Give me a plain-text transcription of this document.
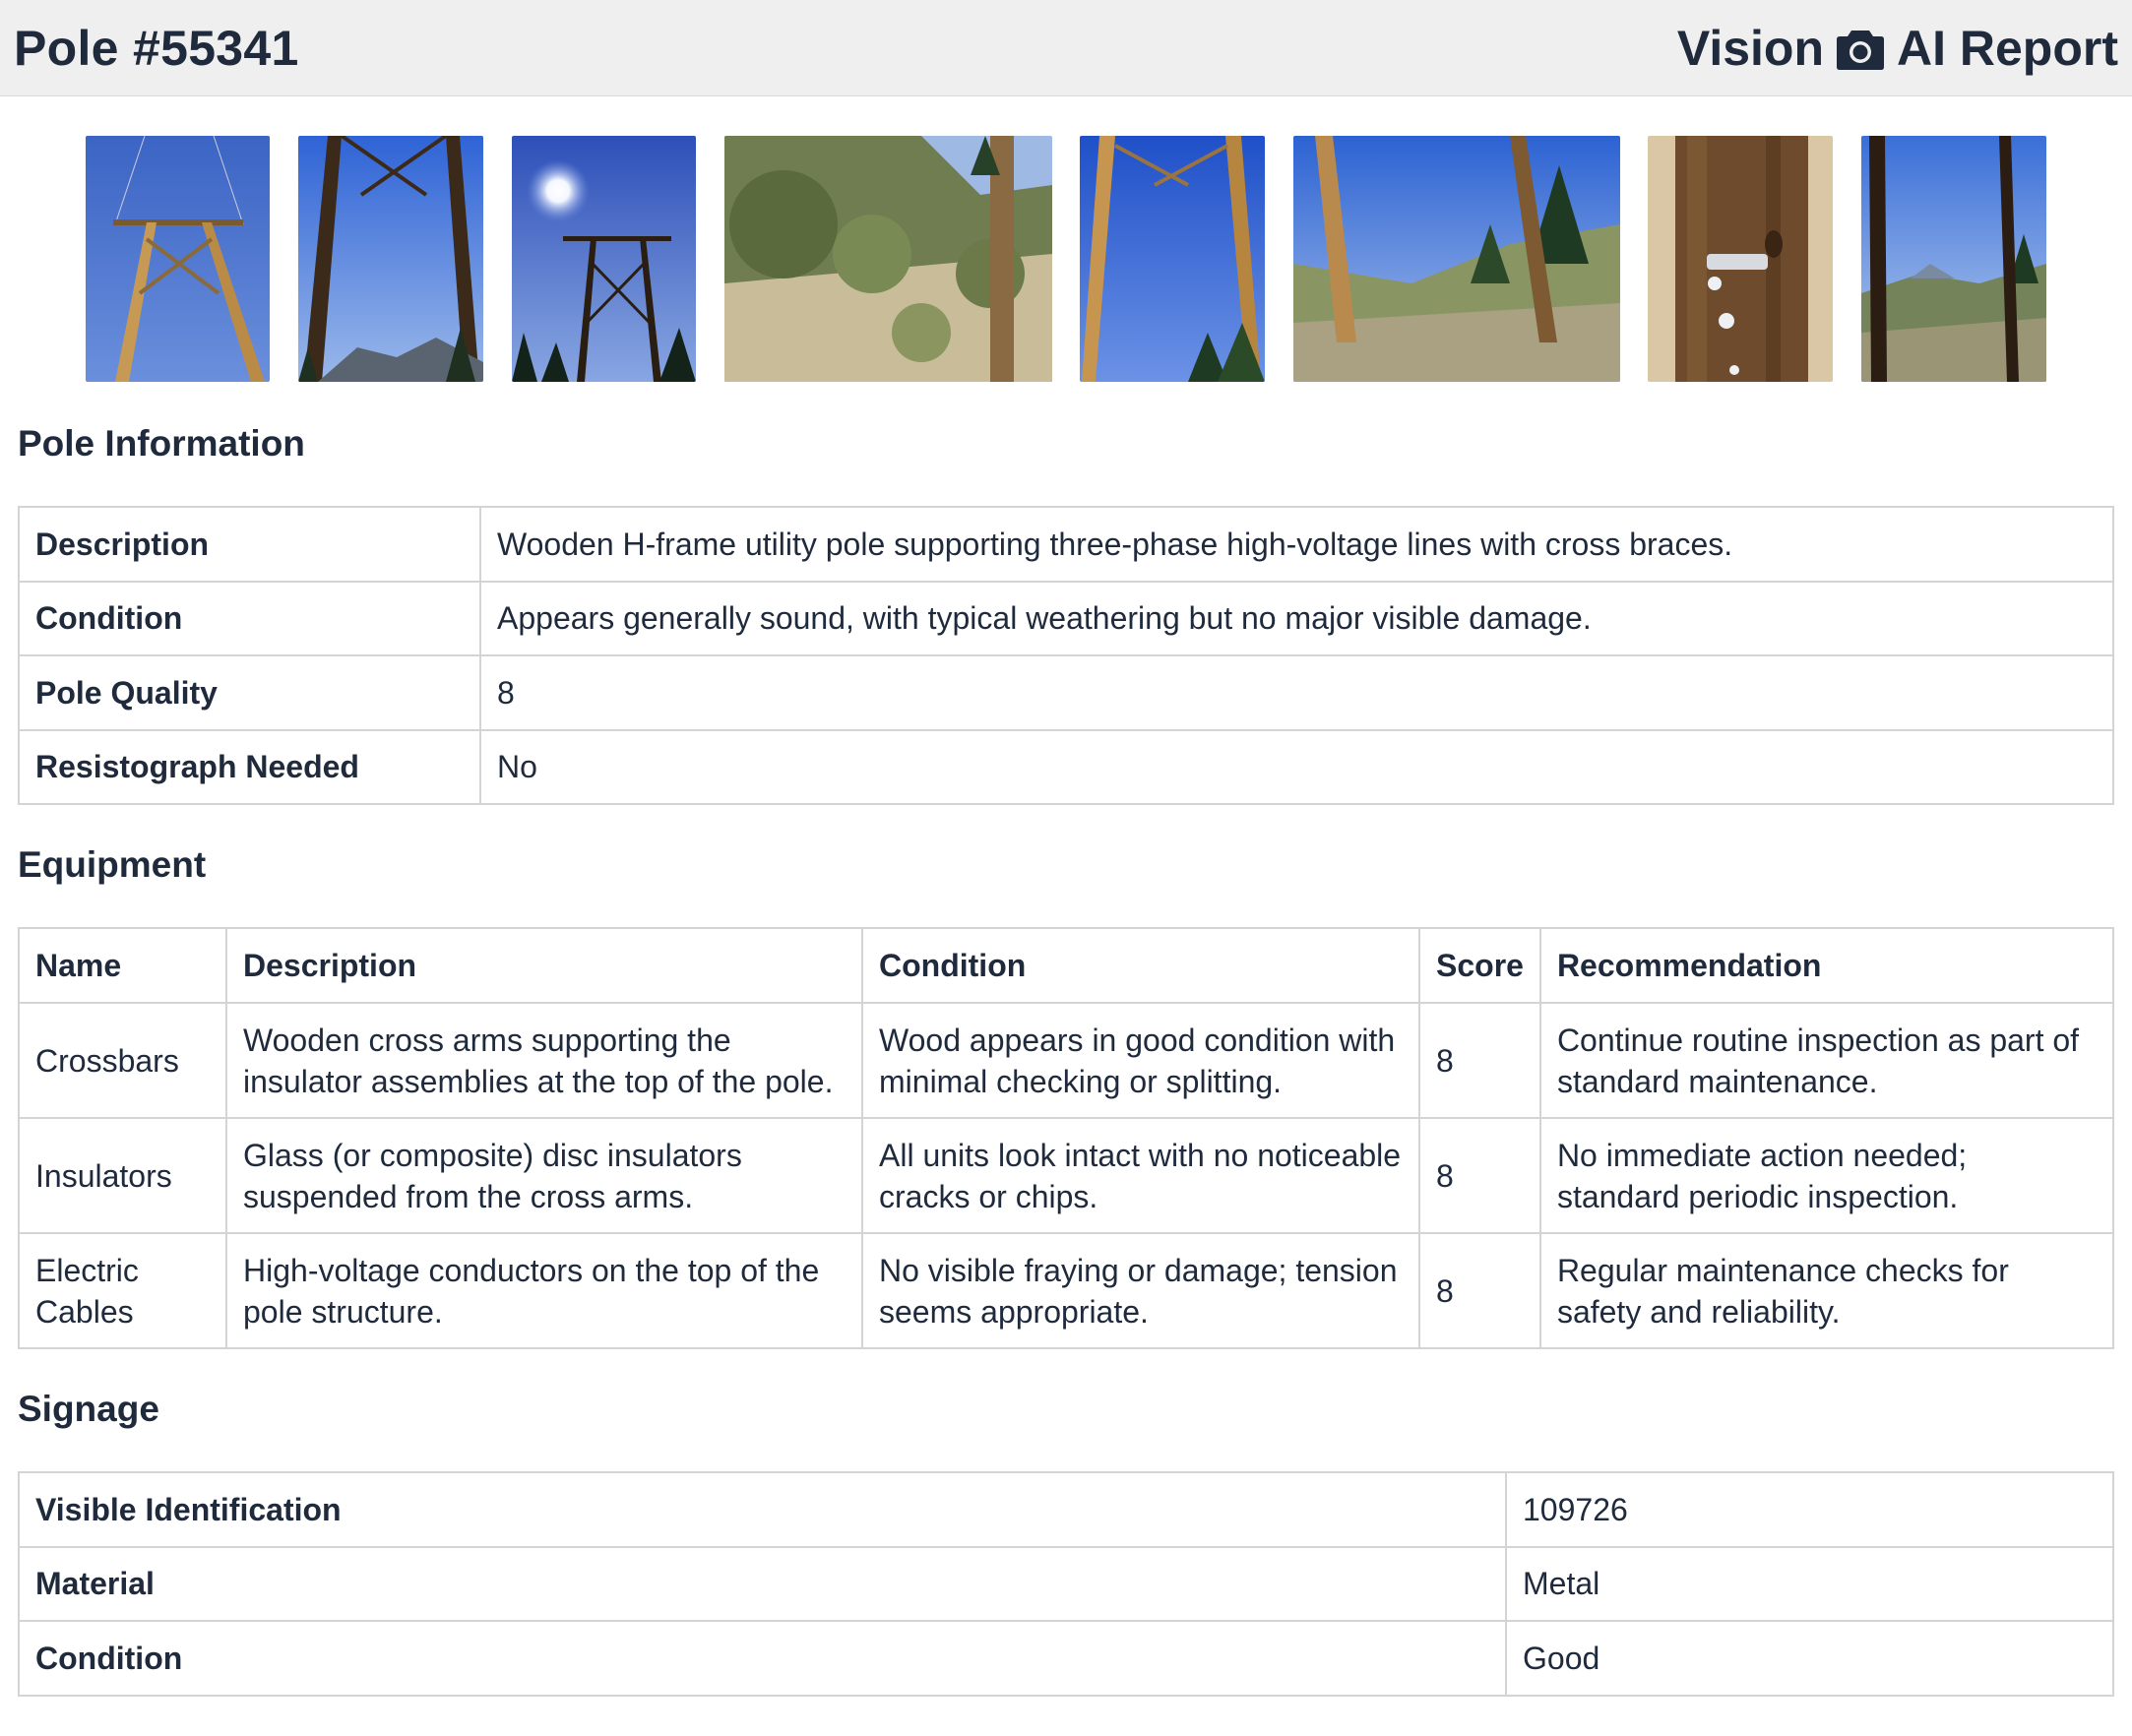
Pole #55341	Vision AI Report
Pole Information
Description	Wooden H-frame utility pole supporting three-phase high-voltage lines with cross braces.
Condition	Appears generally sound, with typical weathering but no major visible damage.
Pole Quality	8
Resistograph Needed	No
Equipment
Name	Description	Condition	Score	Recommendation
Crossbars	Wooden cross arms supporting the insulator assemblies at the top of the pole.	Wood appears in good condition with minimal checking or splitting.	8	Continue routine inspection as part of standard maintenance.
Insulators	Glass (or composite) disc insulators suspended from the cross arms.	All units look intact with no noticeable cracks or chips.	8	No immediate action needed; standard periodic inspection.
Electric Cables	High-voltage conductors on the top of the pole structure.	No visible fraying or damage; tension seems appropriate.	8	Regular maintenance checks for safety and reliability.
Signage
Visible Identification	109726
Material	Metal
Condition	Good
